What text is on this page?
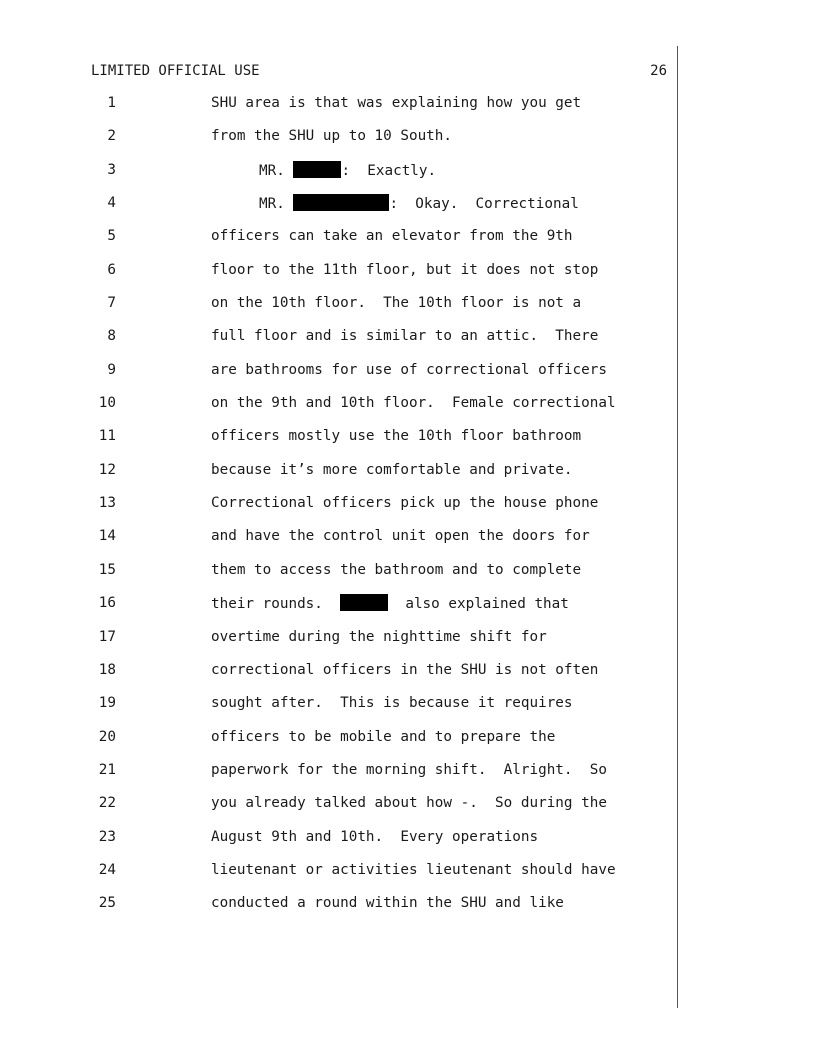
LIMITED OFFICIAL USE	26
1	SHU area is that was explaining how you get
2	from the SHU up to 10 South.
3	MR.	:  Exactly.
4	MR.	:  Okay.  Correctional
5	officers can take an elevator from the 9th
6	floor to the 11th floor, but it does not stop
7	on the 10th floor.  The 10th floor is not a
8	full floor and is similar to an attic.  There
9	are bathrooms for use of correctional officers
10	on the 9th and 10th floor.  Female correctional
11	officers mostly use the 10th floor bathroom
12	because it’s more comfortable and private.
13	Correctional officers pick up the house phone
14	and have the control unit open the doors for
15	them to access the bathroom and to complete
16	their rounds.	also explained that
17	overtime during the nighttime shift for
18	correctional officers in the SHU is not often
19	sought after.  This is because it requires
20	officers to be mobile and to prepare the
21	paperwork for the morning shift.  Alright.  So
22	you already talked about how -.  So during the
23	August 9th and 10th.  Every operations
24	lieutenant or activities lieutenant should have
25	conducted a round within the SHU and like
